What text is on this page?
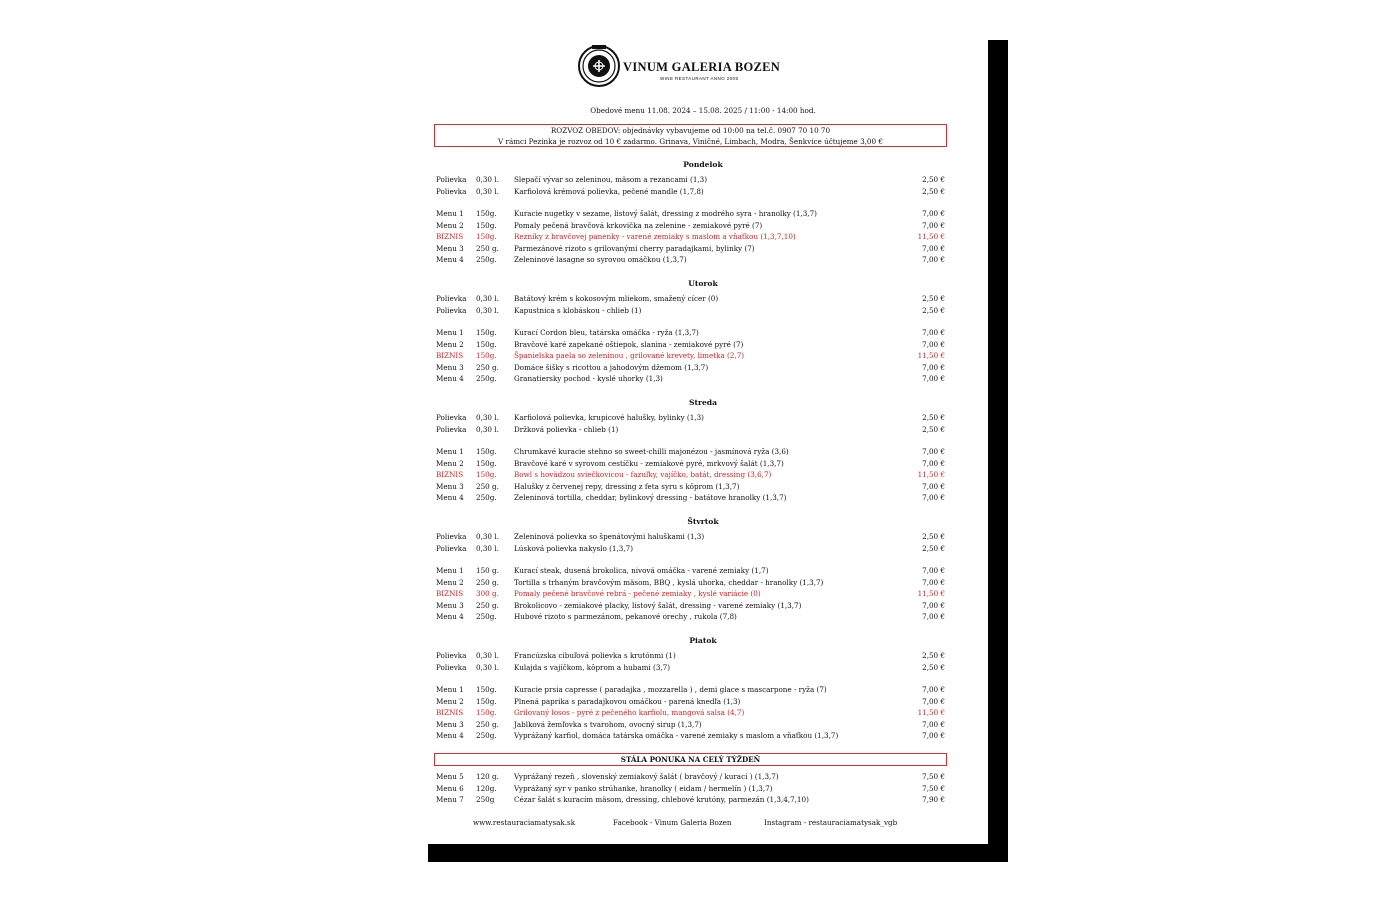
VINUM GALERIA BOZEN
WINE RESTAURANT ANNO 2005
Obedové menu 11.08. 2024 – 15.08. 2025 / 11:00 - 14:00 hod.
ROZVOZ OBEDOV: objednávky vybavujeme od 10:00 na tel.č. 0907 70 10 70
V rámci Pezinka je rozvoz od 10 € zadarmo. Grinava, Viničné, Limbach, Modra, Šenkvice účtujeme 3,00 €
Pondelok
Polievka 0,30 l. Slepačí vývar so zeleninou, mäsom a rezancami (1,3)	2,50 €
Polievka 0,30 l. Karfiolová krémová polievka, pečené mandle (1,7,8)	2,50 €
Menu 1 150g. Kuracie nugetky v sezame, listový šalát, dressing z modrého syra - hranolky (1,3,7)	7,00 €
Menu 2 150g. Pomaly pečená bravčová krkovička na zelenine - zemiakové pyré (7)	7,00 €
BIZNIS 150g. Rezníky z bravčovej panenky - varené zemiaky s maslom a vňaťkou (1,3,7,10)	11,50 €
Menu 3 250 g. Parmezánové rizoto s grilovanými cherry paradajkami, bylinky (7)	7,00 €
Menu 4 250g. Zeleninové lasagne so syrovou omáčkou (1,3,7)	7,00 €
Utorok
Polievka 0,30 l. Batátový krém s kokosovým mliekom, smažený cícer (0)	2,50 €
Polievka 0,30 l. Kapustnica s klobáskou - chlieb (1)	2,50 €
Menu 1 150g. Kurací Cordon bleu, tatárska omáčka - ryža (1,3,7)	7,00 €
Menu 2 150g. Bravčové karé zapekané oštiepok, slanina - zemiakové pyré (7)	7,00 €
BIZNIS 150g. Španielska paela so zeleninou , grilované krevety, limetka (2,7)	11,50 €
Menu 3 250 g. Domáce šišky s ricottou a jahodovým džemom (1,3,7)	7,00 €
Menu 4 250g. Granatiersky pochod - kyslé uhorky (1,3)	7,00 €
Streda
Polievka 0,30 l. Karfiolová polievka, krupicové halušky, bylinky (1,3)	2,50 €
Polievka 0,30 l. Držková polievka - chlieb (1)	2,50 €
Menu 1 150g. Chrumkavé kuracie stehno so sweet-chilli majonézou - jasmínová ryža (3,6)	7,00 €
Menu 2 150g. Bravčové karé v syrovom cestíčku - zemiakové pyré, mrkvový šalát (1,3,7)	7,00 €
BIZNIS 150g. Bowl s hovädzou sviečkovicou - fazuľky, vajíčko, batát, dressing (3,6,7)	11,50 €
Menu 3 250 g. Halušky z červenej repy, dressing z feta syru s kôprom (1,3,7)	7,00 €
Menu 4 250g. Zeleninová tortilla, cheddar, bylinkový dressing - batátove hranolky (1,3,7)	7,00 €
Štvrtok
Polievka 0,30 l. Zeleninová polievka so špenátovými haluškami (1,3)	2,50 €
Polievka 0,30 l. Lúsková polievka nakyslo (1,3,7)	2,50 €
Menu 1 150 g. Kurací steak, dusená brokolica, nivová omáčka - varené zemiaky (1,7)	7,00 €
Menu 2 250 g. Tortilla s trhaným bravčovým mäsom, BBQ , kyslá uhorka, cheddar - hranolky (1,3,7)	7,00 €
BIZNIS 300 g. Pomaly pečené bravčové rebrá - pečené zemiaky , kyslé variácie (0)	11,50 €
Menu 3 250 g. Brokolicovo - zemiakové placky, listový šalát, dressing - varené zemiaky (1,3,7)	7,00 €
Menu 4 250g. Hubové rizoto s parmezánom, pekanové orechy , rukola (7,8)	7,00 €
Piatok
Polievka 0,30 l. Francúzska cibuľová polievka s krutónmi (1)	2,50 €
Polievka 0,30 l. Kulajda s vajíčkom, kôprom a hubami (3,7)	2,50 €
Menu 1 150g. Kuracie prsia capresse ( paradajka , mozzarella ) , demi glace s mascarpone - ryža (7)	7,00 €
Menu 2 150g. Plnená paprika s paradajkovou omáčkou - parená knedľa (1,3)	7,00 €
BIZNIS 150g. Grilovaný losos - pyré z pečeného karfiolu, mangová salsa (4,7)	11,50 €
Menu 3 250 g. Jablková žemľovka s tvarohom, ovocný sirup (1,3,7)	7,00 €
Menu 4 250g. Vyprážaný karfiol, domáca tatárska omáčka - varené zemiaky s maslom a vňaťkou (1,3,7)	7,00 €
STÁLA PONUKA NA CELÝ TÝŽDEŇ
Menu 5 120 g. Vyprážaný rezeň , slovenský zemiakový šalát ( bravčový / kurací ) (1,3,7)	7,50 €
Menu 6 120g. Vyprážaný syr v panko strúhanke, hranolky ( eidam / hermelín ) (1,3,7)	7,50 €
Menu 7 250g	Cézar šalát s kuracím mäsom, dressing, chlebové krutóny, parmezán (1,3,4,7,10)	7,90 €
www.restauraciamatysak.sk	Facebook - Vinum Galeria Bozen	Instagram - restauraciamatysak_vgb
